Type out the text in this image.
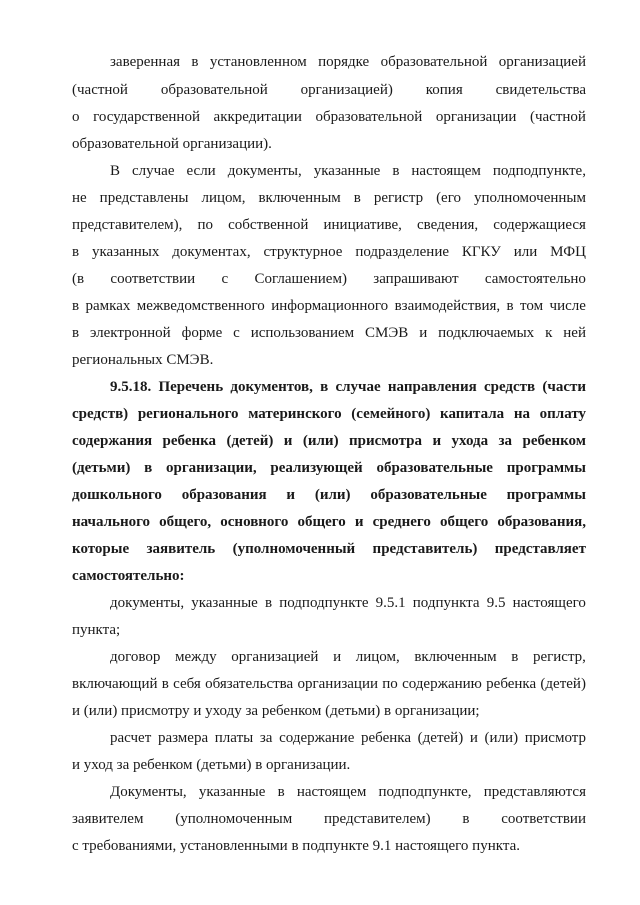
заверенная в установленном порядке образовательной организацией
(частной образовательной организацией) копия свидетельства
о государственной аккредитации образовательной организации (частной
образовательной организации).
В случае если документы, указанные в настоящем подподпункте,
не представлены лицом, включенным в регистр (его уполномоченным
представителем), по собственной инициативе, сведения, содержащиеся
в указанных документах, структурное подразделение КГКУ или МФЦ
(в соответствии с Соглашением) запрашивают самостоятельно
в рамках межведомственного информационного взаимодействия, в том числе
в электронной форме с использованием СМЭВ и подключаемых к ней
региональных СМЭВ.
9.5.18. Перечень документов, в случае направления средств (части
средств) регионального материнского (семейного) капитала на оплату
содержания ребенка (детей) и (или) присмотра и ухода за ребенком
(детьми) в организации, реализующей образовательные программы
дошкольного образования и (или) образовательные программы
начального общего, основного общего и среднего общего образования,
которые заявитель (уполномоченный представитель) представляет
самостоятельно:
документы, указанные в подподпункте 9.5.1 подпункта 9.5 настоящего
пункта;
договор между организацией и лицом, включенным в регистр,
включающий в себя обязательства организации по содержанию ребенка (детей)
и (или) присмотру и уходу за ребенком (детьми) в организации;
расчет размера платы за содержание ребенка (детей) и (или) присмотр
и уход за ребенком (детьми) в организации.
Документы, указанные в настоящем подподпункте, представляются
заявителем (уполномоченным представителем) в соответствии
с требованиями, установленными в подпункте 9.1 настоящего пункта.
